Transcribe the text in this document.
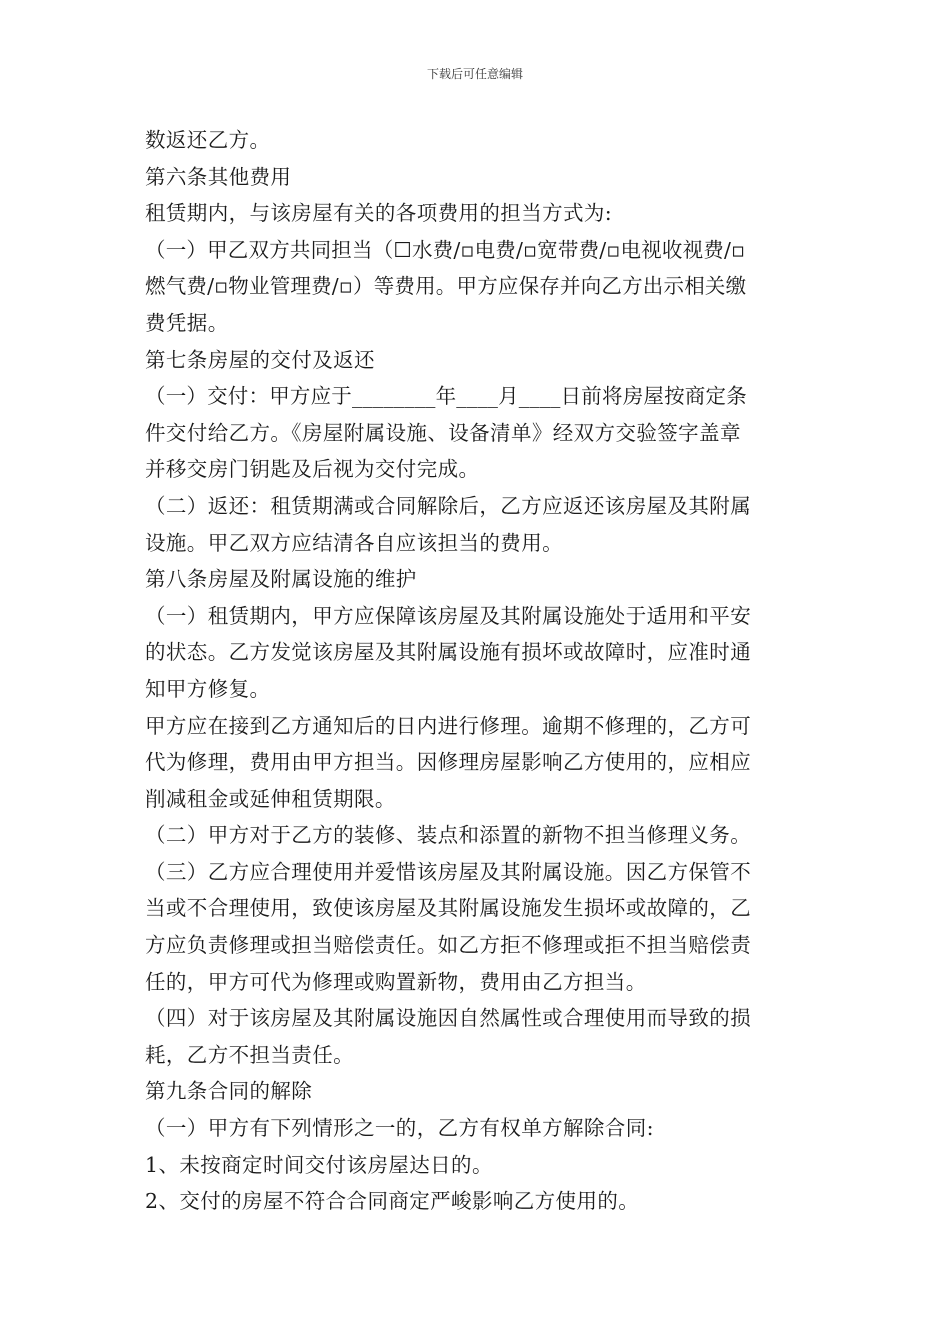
下载后可任意编辑
数返还乙方。
第六条其他费用
租赁期内，与该房屋有关的各项费用的担当方式为:
（一）甲乙双方共同担当（☐水费/▫电费/▫宽带费/▫电视收视费/▫
燃气费/▫物业管理费/▫）等费用。甲方应保存并向乙方出示相关缴
费凭据。
第七条房屋的交付及返还
（一）交付：甲方应于________年____月____日前将房屋按商定条
件交付给乙方。《房屋附属设施、设备清单》经双方交验签字盖章
并移交房门钥匙及后视为交付完成。
（二）返还：租赁期满或合同解除后，乙方应返还该房屋及其附属
设施。甲乙双方应结清各自应该担当的费用。
第八条房屋及附属设施的维护
（一）租赁期内，甲方应保障该房屋及其附属设施处于适用和平安
的状态。乙方发觉该房屋及其附属设施有损坏或故障时，应准时通
知甲方修复。
甲方应在接到乙方通知后的日内进行修理。逾期不修理的，乙方可
代为修理，费用由甲方担当。因修理房屋影响乙方使用的，应相应
削减租金或延伸租赁期限。
（二）甲方对于乙方的装修、装点和添置的新物不担当修理义务。
（三）乙方应合理使用并爱惜该房屋及其附属设施。因乙方保管不
当或不合理使用，致使该房屋及其附属设施发生损坏或故障的，乙
方应负责修理或担当赔偿责任。如乙方拒不修理或拒不担当赔偿责
任的，甲方可代为修理或购置新物，费用由乙方担当。
（四）对于该房屋及其附属设施因自然属性或合理使用而导致的损
耗，乙方不担当责任。
第九条合同的解除
（一）甲方有下列情形之一的，乙方有权单方解除合同:
1、未按商定时间交付该房屋达日的。
2、交付的房屋不符合合同商定严峻影响乙方使用的。
